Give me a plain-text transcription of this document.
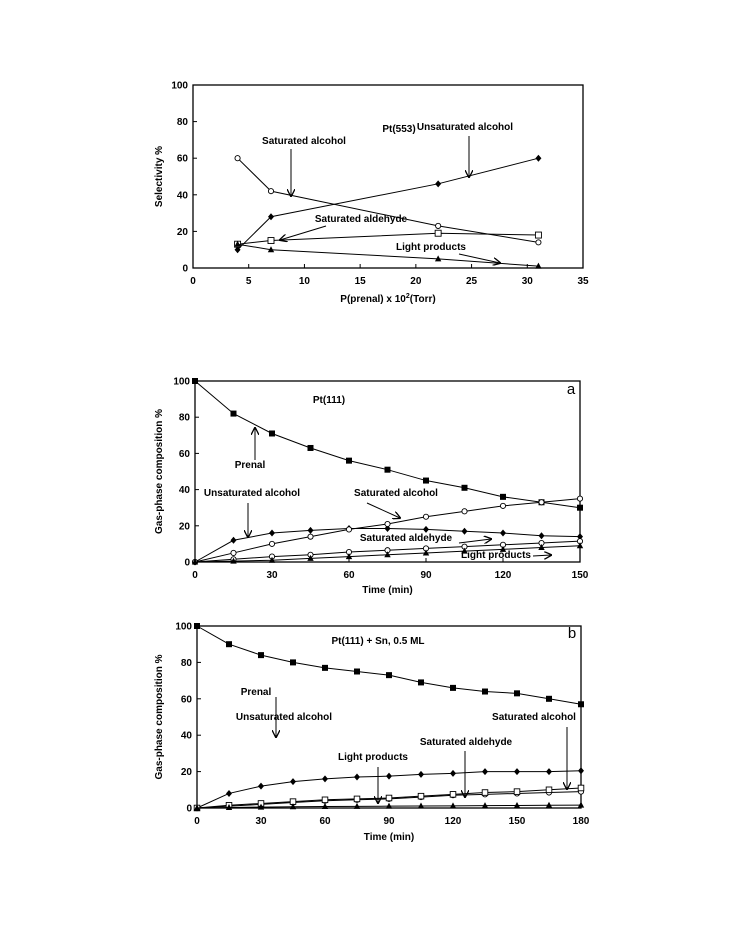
0
20
40
60
80
100
0	5	10	15	20	25	30	35
P(prenal) x $10^2(Torr)$
Selectivity %
Pt(553)
Saturated alcohol
Unsaturated alcohol
Saturated aldehyde
Light products
0
20
40
60
80
100
0	30	60	90	120	150
Time (min)
Gas-phase composition %
Pt(111)
a
Prenal
Unsaturated alcohol	Saturated alcohol
Saturated aldehyde
Light products
0
20
40
60
80
100
0	30	60	90	120	150	180
Time (min)
Gas-phase composition %
Pt(111) + Sn, 0.5 ML	b
Prenal
Unsaturated alcohol
Light products
Saturated aldehyde
Saturated alcohol
